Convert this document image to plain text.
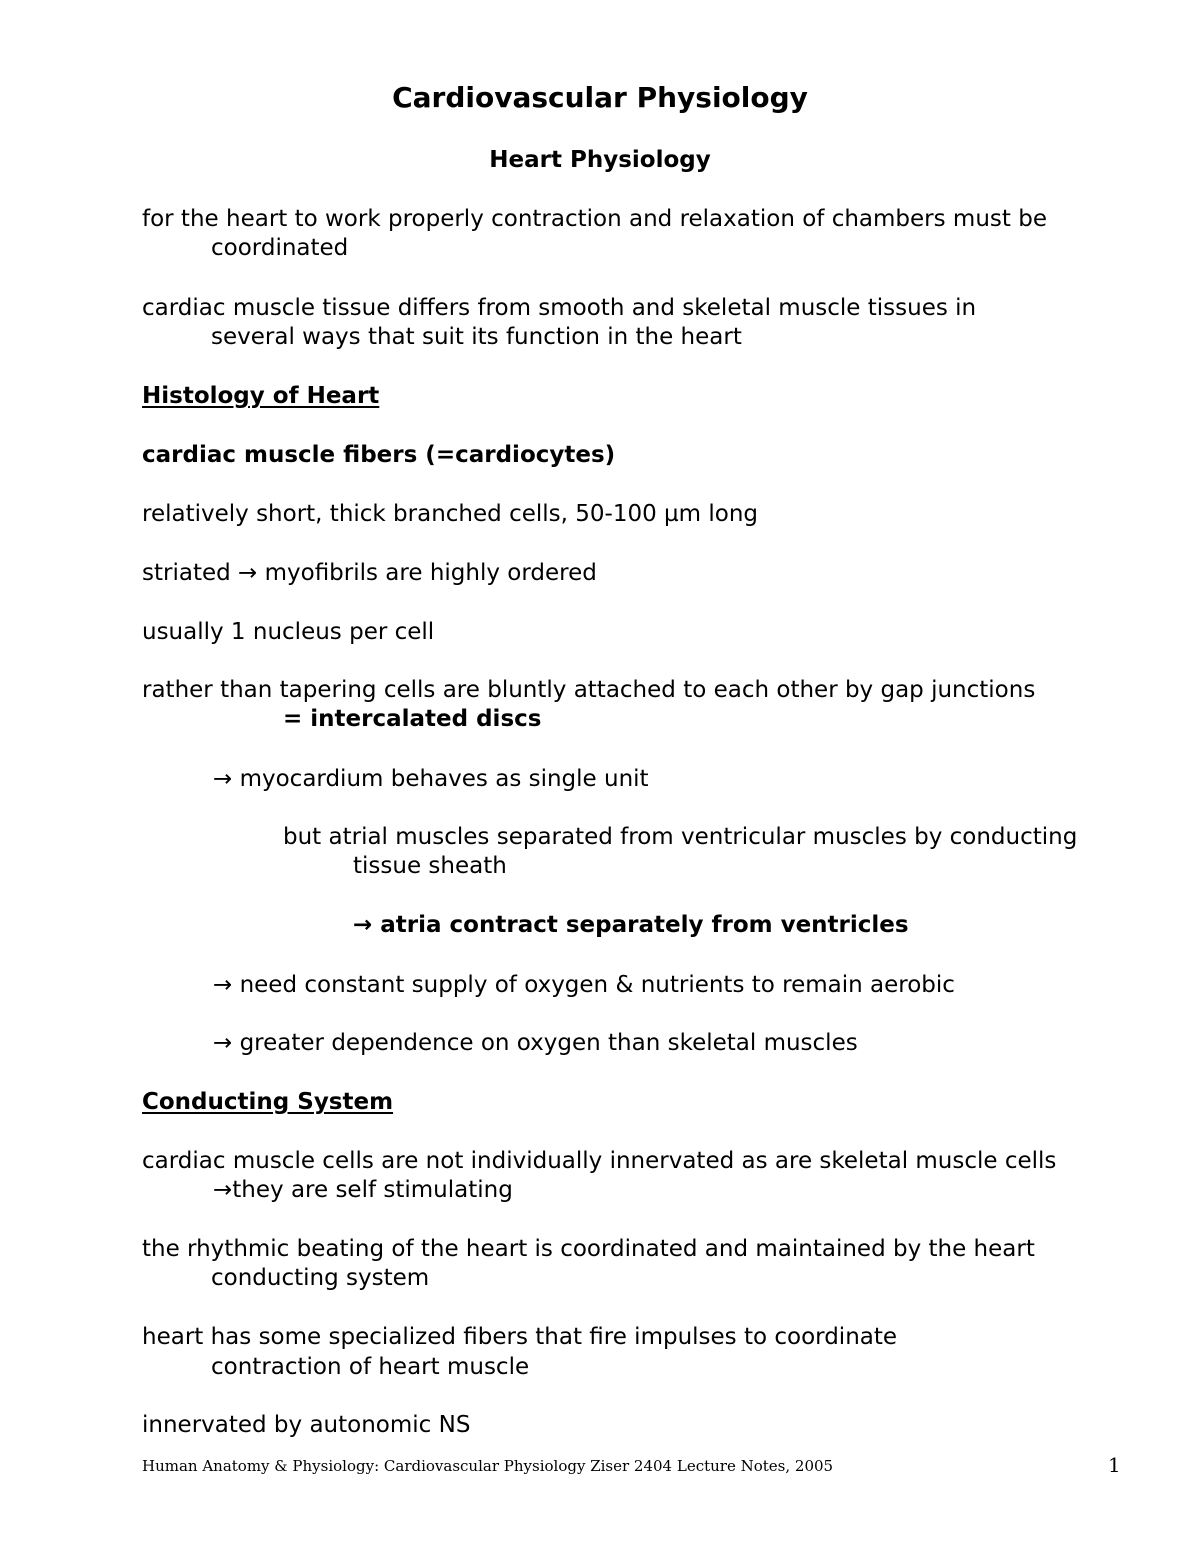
Cardiovascular Physiology
Heart Physiology
for the heart to work properly contraction and relaxation of chambers must be
coordinated
cardiac muscle tissue differs from smooth and skeletal muscle tissues in
several ways that suit its function in the heart
Histology of Heart
cardiac muscle fibers (=cardiocytes)
relatively short, thick branched cells, 50-100 µm long
striated → myofibrils are highly ordered
usually 1 nucleus per cell
rather than tapering cells are bluntly attached to each other by gap junctions
= intercalated discs
→ myocardium behaves as single unit
but atrial muscles separated from ventricular muscles by conducting
tissue sheath
→ atria contract separately from ventricles
→ need constant supply of oxygen & nutrients to remain aerobic
→ greater dependence on oxygen than skeletal muscles
Conducting System
cardiac muscle cells are not individually innervated as are skeletal muscle cells
→they are self stimulating
the rhythmic beating of the heart is coordinated and maintained by the heart
conducting system
heart has some specialized fibers that fire impulses to coordinate
contraction of heart muscle
innervated by autonomic NS
Human Anatomy & Physiology: Cardiovascular Physiology Ziser 2404 Lecture Notes, 2005	1
